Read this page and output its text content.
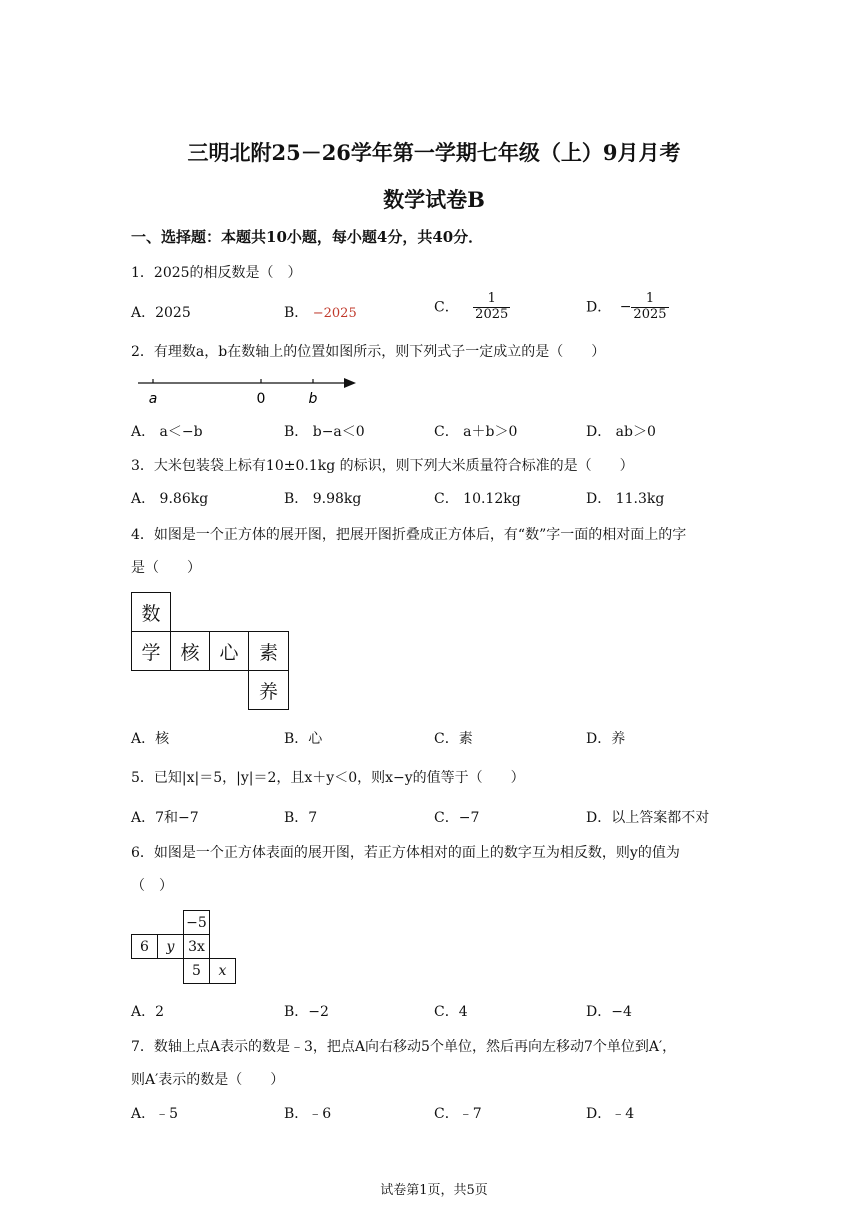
三明北附25－26学年第一学期七年级（上）9月月考
数学试卷B
一、选择题：本题共10小题，每小题4分，共40分．
1．2025的相反数是（　）
A．2025	B． −2025	C． $\frac{1}{2025}$	D． − $\frac{1}{2025}$
2．有理数a，b在数轴上的位置如图所示，则下列式子一定成立的是（　　）
a	0	b
A． a＜−b	B． b−a＜0	C． a＋b＞0	D． ab＞0
3．大米包装袋上标有10±0.1kg 的标识，则下列大米质量符合标准的是（　　）
A． 9.86kg	B． 9.98kg	C． 10.12kg	D． 11.3kg
4．如图是一个正方体的展开图，把展开图折叠成正方体后，有“数”字一面的相对面上的字
是（　　）
数
学	核	心	素
养
A．核	B．心	C．素	D．养
5．已知|x|＝5，|y|＝2，且x＋y＜0，则x−y的值等于（　　）
A．7和−7	B．7	C．−7	D．以上答案都不对
6．如图是一个正方体表面的展开图，若正方体相对的面上的数字互为相反数，则y的值为
（　）
−5
6	y 3x
5	x
A．2	B．−2	C．4	D．−4
7．数轴上点A表示的数是﹣3，把点A向右移动5个单位，然后再向左移动7个单位到A′，
则A′表示的数是（　　）
A．﹣5	B．﹣6	C．﹣7	D．﹣4
试卷第1页，共5页
